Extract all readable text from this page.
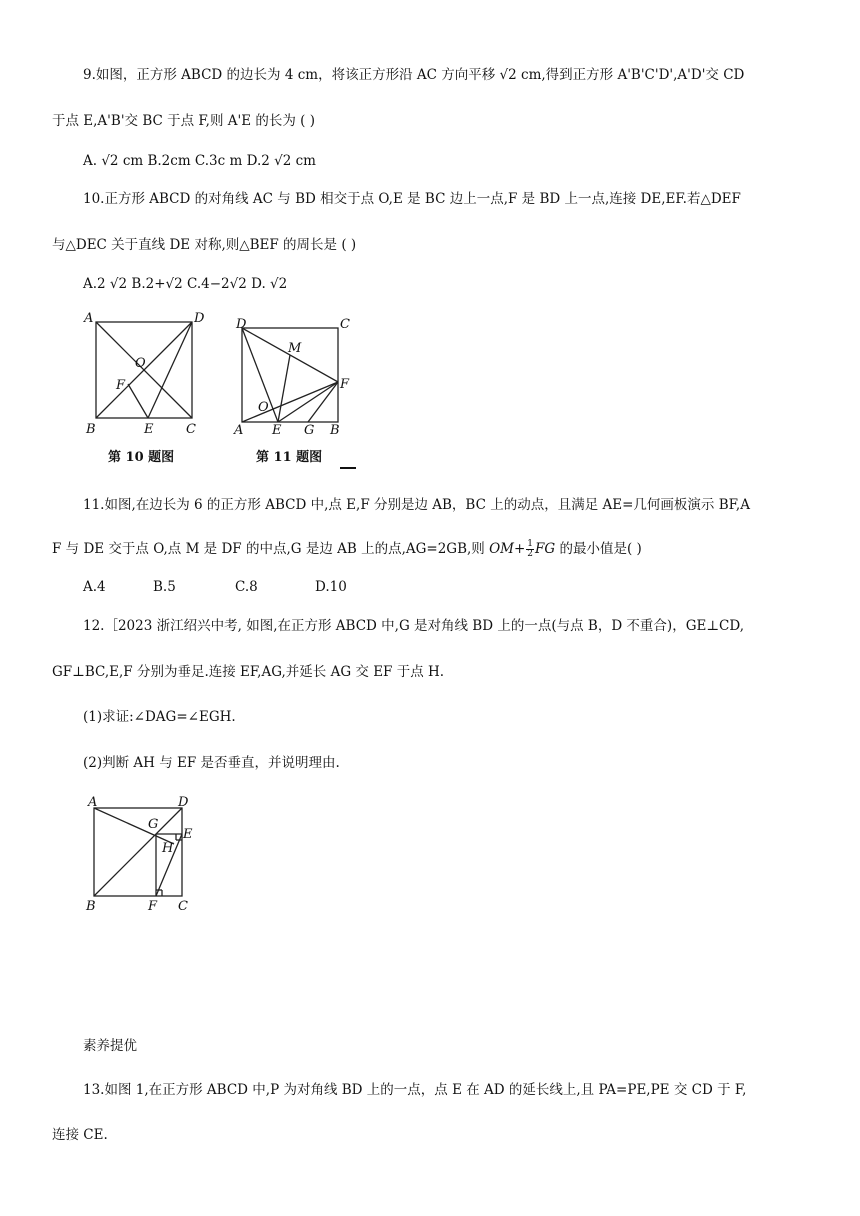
9.如图，正方形 ABCD 的边长为 4 cm，将该正方形沿 AC 方向平移 √2 cm,得到正方形 A'B'C'D',A'D'交 CD
于点 E,A'B'交 BC 于点 F,则 A'E 的长为 ( )
A. √2 cm B.2cm C.3c m D.2 √2 cm
10.正方形 ABCD 的对角线 AC 与 BD 相交于点 O,E 是 BC 边上一点,F 是 BD 上一点,连接 DE,EF.若△DEF
与△DEC 关于直线 DE 对称,则△BEF 的周长是 ( )
A.2 √2 B.2+√2 C.4−2√2 D. √2
A	D
O
F
B	E	C
第 10 题图
D	C
M
F
O
A E G B
第 11 题图
11.如图,在边长为 6 的正方形 ABCD 中,点 E,F 分别是边 AB，BC 上的动点，且满足 AE=几何画板演示 BF,A
F 与 DE 交于点 O,点 M 是 DF 的中点,G 是边 AB 上的点,AG=2GB,则 $OM+ \frac{1}{2}$ FG 的最小值是( )
A.4	B.5	C.8	D.10
12.［2023 浙江绍兴中考, 如图,在正方形 ABCD 中,G 是对角线 BD 上的一点(与点 B，D 不重合)，GE⊥CD,
GF⊥BC,E,F 分别为垂足.连接 EF,AG,并延长 AG 交 EF 于点 H.
(1)求证:∠DAG=∠EGH.
(2)判断 AH 与 EF 是否垂直，并说明理由.
A	D
G
E
H
B	F C
素养提优
13.如图 1,在正方形 ABCD 中,P 为对角线 BD 上的一点，点 E 在 AD 的延长线上,且 PA=PE,PE 交 CD 于 F,
连接 CE.
